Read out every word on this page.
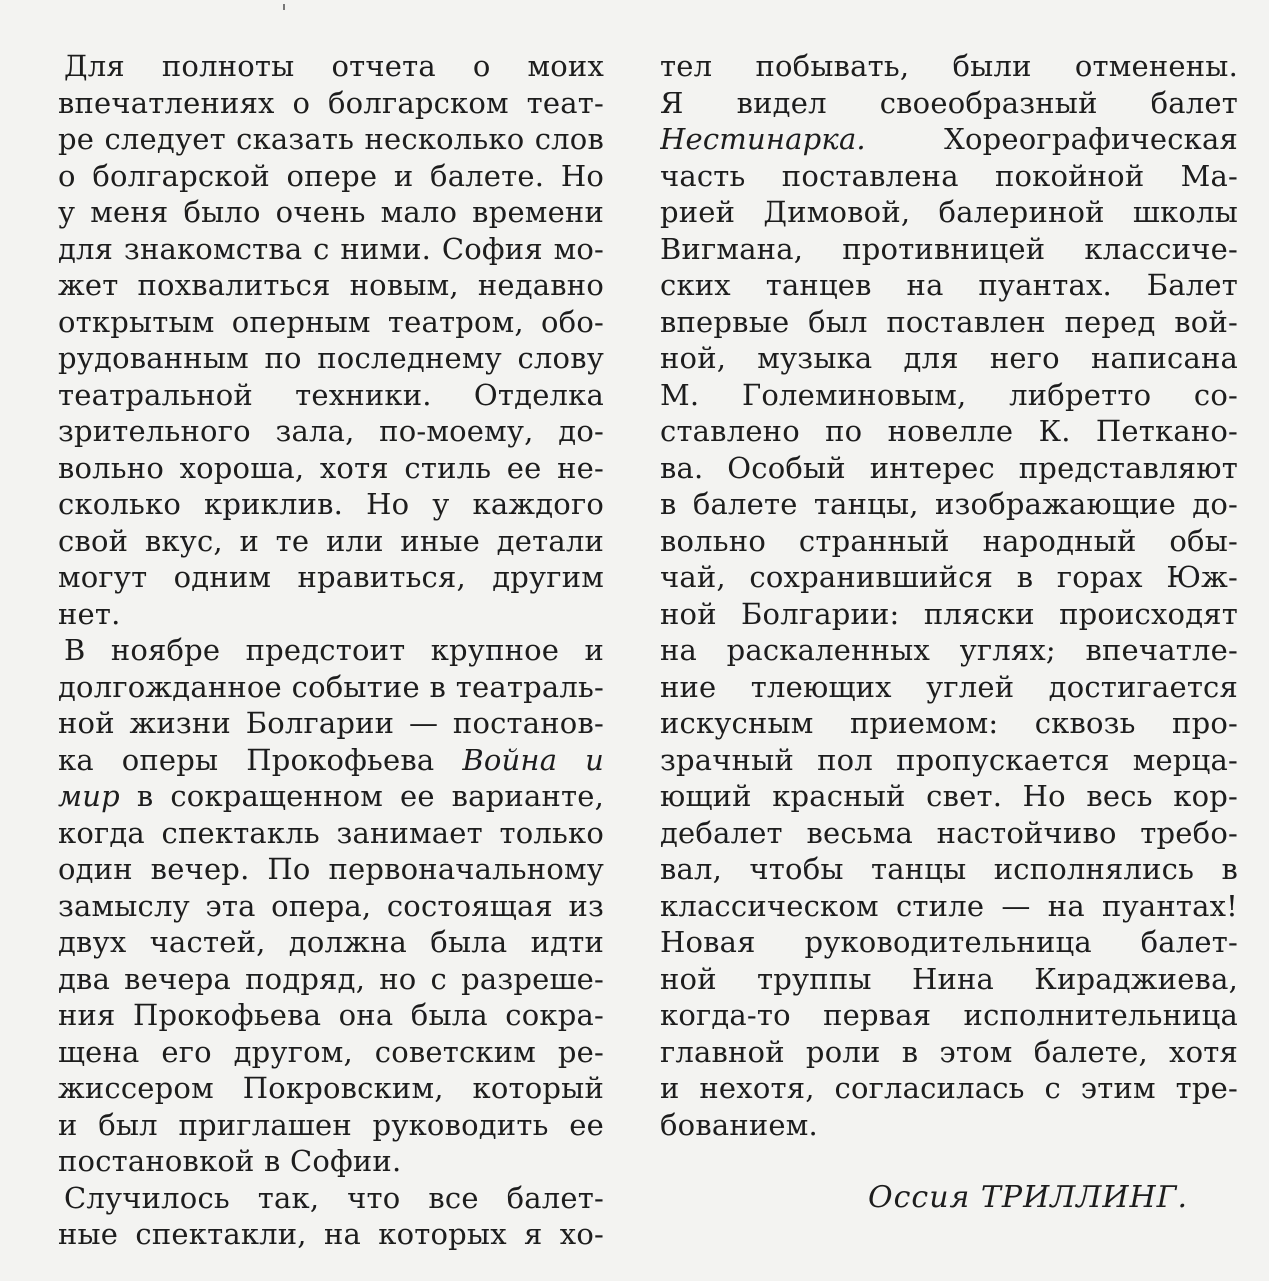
Для полноты отчета о моих
впечатлениях о болгарском теат-
ре следует сказать несколько слов
о болгарской опере и балете. Но
у меня было очень мало времени
для знакомства с ними. София мо-
жет похвалиться новым, недавно
открытым оперным театром, обо-
рудованным по последнему слову
театральной техники. Отделка
зрительного зала, по-моему, до-
вольно хороша, хотя стиль ее не-
сколько криклив. Но у каждого
свой вкус, и те или иные детали
могут одним нравиться, другим
нет.
В ноябре предстоит крупное и
долгожданное событие в театраль-
ной жизни Болгарии — постанов-
ка оперы Прокофьева Война и
мир в сокращенном ее варианте,
когда спектакль занимает только
один вечер. По первоначальному
замыслу эта опера, состоящая из
двух частей, должна была идти
два вечера подряд, но с разреше-
ния Прокофьева она была сокра-
щена его другом, советским ре-
жиссером Покровским, который
и был приглашен руководить ее
постановкой в Софии.
Случилось так, что все балет-
ные спектакли, на которых я хо-
тел побывать, были отменены.
Я видел своеобразный балет
Нестинарка.	Хореографическая
часть поставлена покойной Ма-
рией Димовой, балериной школы
Вигмана, противницей классиче-
ских танцев на пуантах. Балет
впервые был поставлен перед вой-
ной, музыка для него написана
М. Големиновым, либретто со-
ставлено по новелле К. Петкано-
ва. Особый интерес представляют
в балете танцы, изображающие до-
вольно странный народный обы-
чай, сохранившийся в горах Юж-
ной Болгарии: пляски происходят
на раскаленных углях; впечатле-
ние тлеющих углей достигается
искусным приемом: сквозь про-
зрачный пол пропускается мерца-
ющий красный свет. Но весь кор-
дебалет весьма настойчиво требо-
вал, чтобы танцы исполнялись в
классическом стиле — на пуантах!
Новая руководительница балет-
ной труппы Нина Кираджиева,
когда-то первая исполнительница
главной роли в этом балете, хотя
и нехотя, согласилась с этим тре-
бованием.
Оссия ТРИЛЛИНГ.
